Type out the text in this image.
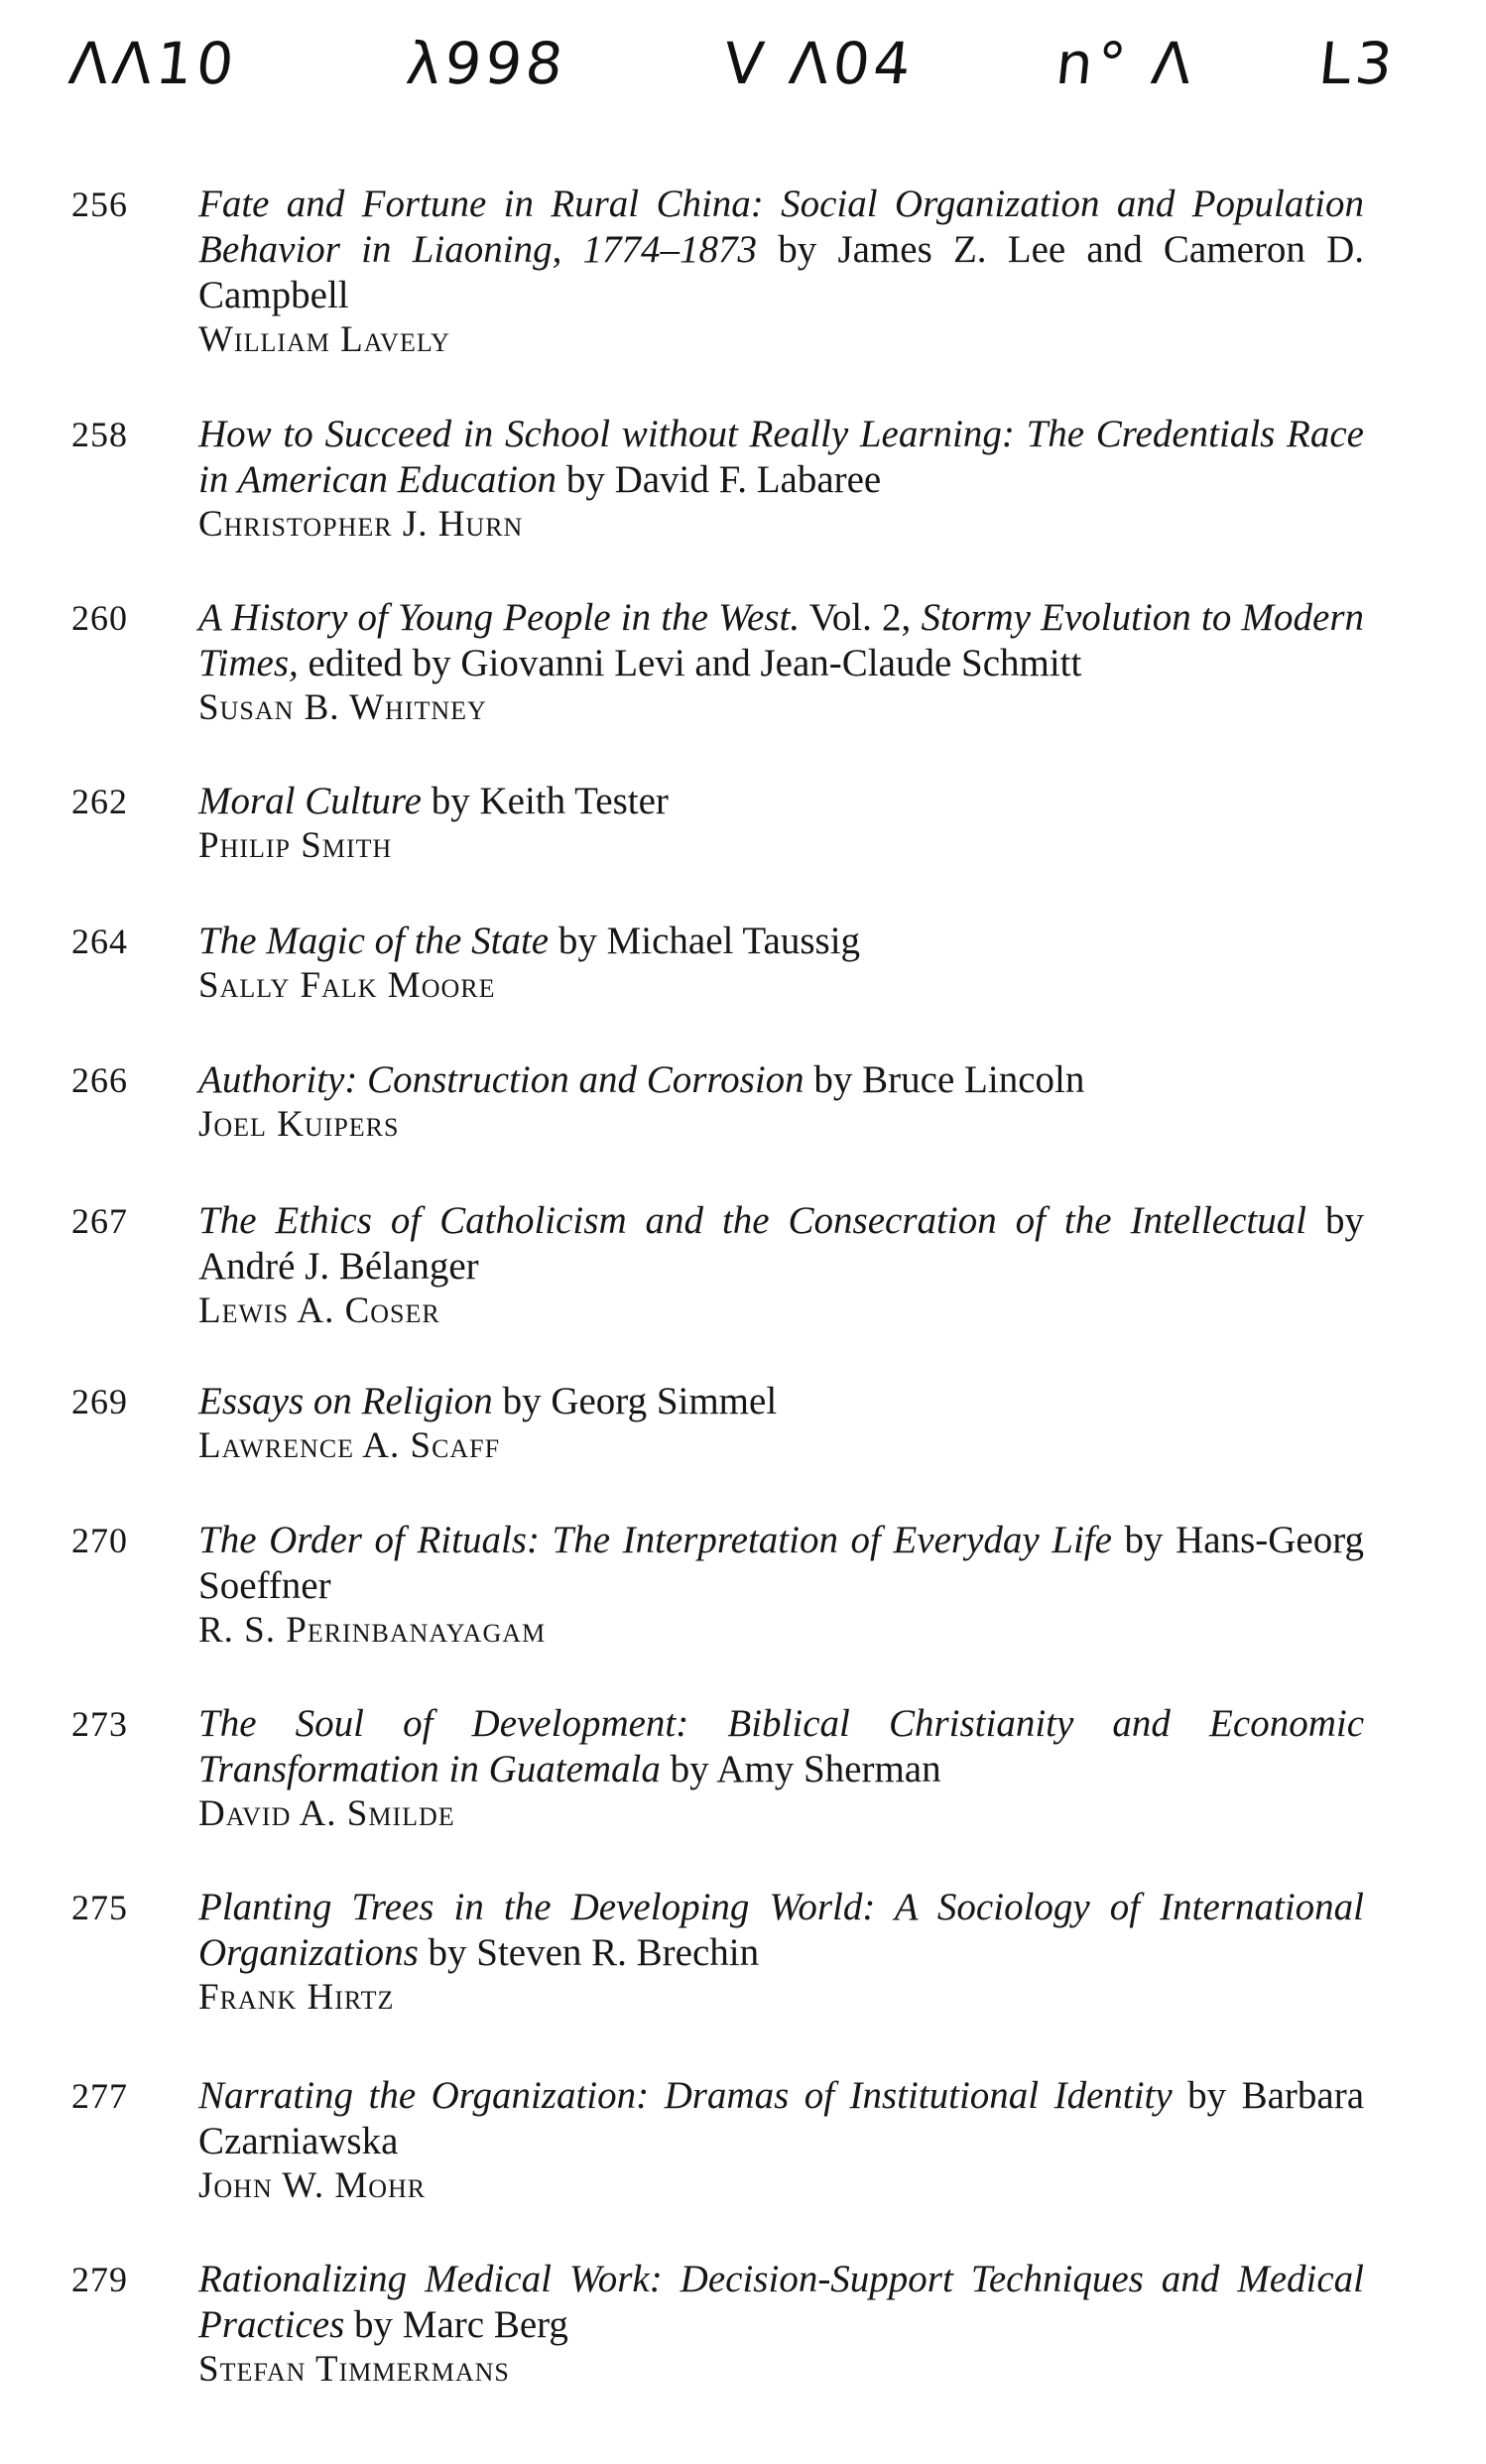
ΛΛ10	λ998	V Λ04 n° Λ L3
256 Fate and Fortune in Rural China: Social Organization and Population Behavior in Liaoning, 1774–1873 by James Z. Lee and Cameron D. Campbell
William Lavely
258 How to Succeed in School without Really Learning: The Credentials Race in American Education by David F. Labaree
Christopher J. Hurn
260 A History of Young People in the West. Vol. 2, Stormy Evolution to Modern Times, edited by Giovanni Levi and Jean-Claude Schmitt
Susan B. Whitney
262 Moral Culture by Keith Tester
Philip Smith
264 The Magic of the State by Michael Taussig
Sally Falk Moore
266 Authority: Construction and Corrosion by Bruce Lincoln
Joel Kuipers
267 The Ethics of Catholicism and the Consecration of the Intellectual by André J. Bélanger
Lewis A. Coser
269 Essays on Religion by Georg Simmel
Lawrence A. Scaff
270 The Order of Rituals: The Interpretation of Everyday Life by Hans-Georg Soeffner
R. S. Perinbanayagam
273 The Soul of Development: Biblical Christianity and Economic Transformation in Guatemala by Amy Sherman
David A. Smilde
275 Planting Trees in the Developing World: A Sociology of International Organizations by Steven R. Brechin
Frank Hirtz
277 Narrating the Organization: Dramas of Institutional Identity by Barbara Czarniawska
John W. Mohr
279 Rationalizing Medical Work: Decision-Support Techniques and Medical Practices by Marc Berg
Stefan Timmermans
